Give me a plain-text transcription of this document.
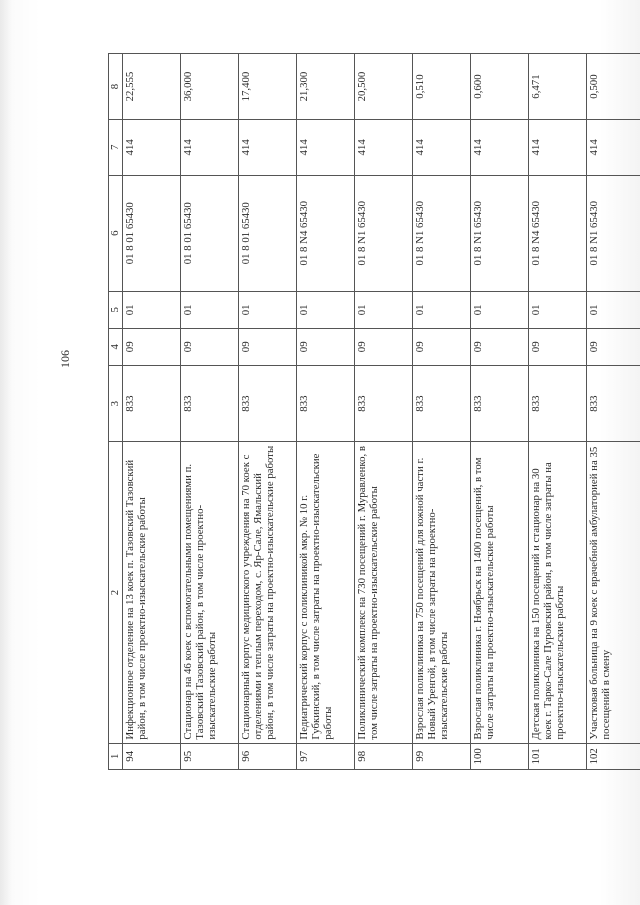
106
1	2	3	4	5	6	7	8
94	Инфекционное отделение на 13 коек п. Тазовский Тазовский район, в том числе проектно-изыскательские работы	833	09	01	01 8 01 65430	414	22,555
95	Стационар на 46 коек с вспомогательными помещениями п. Тазовский Тазовский район, в том числе проектно-изыскательские работы	833	09	01	01 8 01 65430	414	36,000
96	Стационарный корпус медицинского учреждения на 70 коек с отделениями и теплым переходом, с. Яр-Сале, Ямальский район, в том числе затраты на проектно-изыскательские работы	833	09	01	01 8 01 65430	414	17,400
97	Педиатрический корпус с поликлиникой мкр. № 10 г. Губкинский, в том числе затраты на проектно-изыскательские работы	833	09	01	01 8 N4 65430	414	21,300
98	Поликлинический комплекс на 730 посещений г. Муравленко, в том числе затраты на проектно-изыскательские работы	833	09	01	01 8 N1 65430	414	20,500
99	Взрослая поликлиника на 750 посещений для южной части г. Новый Уренгой, в том числе затраты на проектно-изыскательские работы	833	09	01	01 8 N1 65430	414	0,510
100	Взрослая поликлиника г. Ноябрьск на 1400 посещений, в том числе затраты на проектно-изыскательские работы	833	09	01	01 8 N1 65430	414	0,600
101	Детская поликлиника на 150 посещений и стационар на 30 коек г. Тарко-Сале Пуровский район, в том числе затраты на проектно-изыскательские работы	833	09	01	01 8 N4 65430	414	6,471
102	Участковая больница на 9 коек с врачебной амбулаторией на 35 посещений в смену	833	09	01	01 8 N1 65430	414	0,500
